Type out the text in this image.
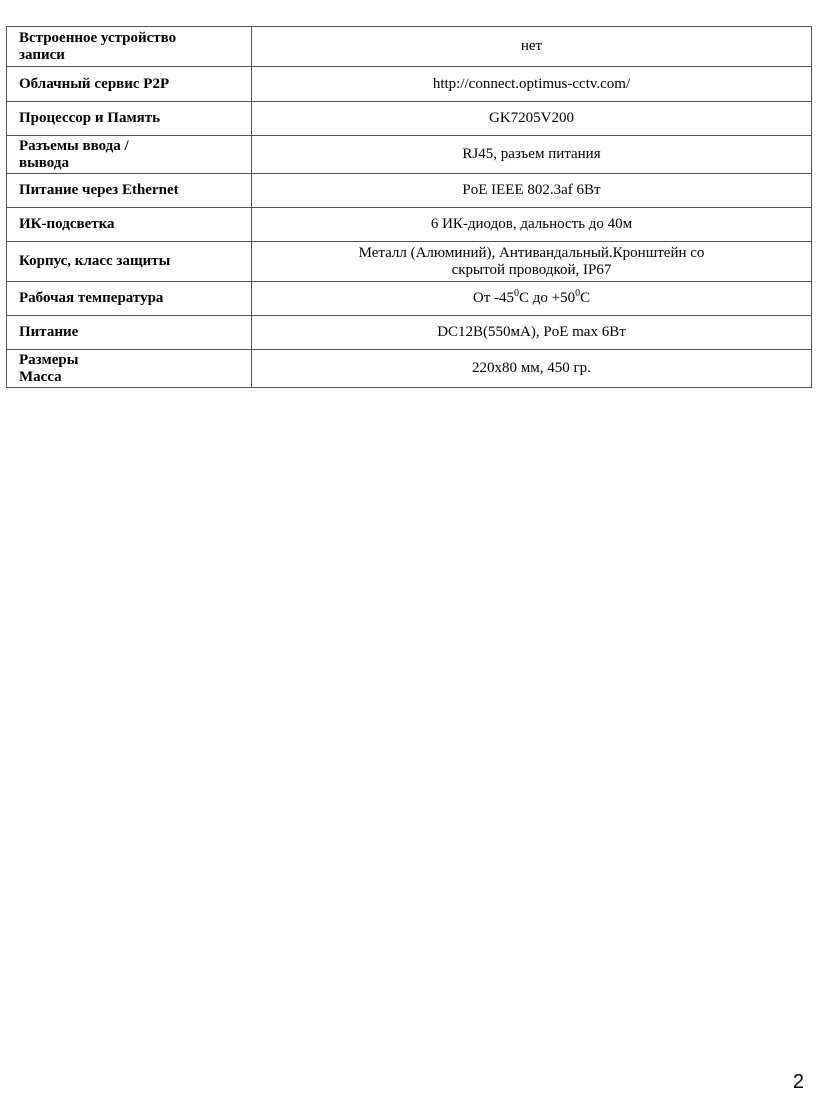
Встроенное устройство
записи	нет

Облачный сервис P2P	http://connect.optimus-cctv.com/

Процессор и Память	GK7205V200

Разъемы ввода /
вывода	RJ45, разъем питания

Питание через Ethernet	PoE IEEE 802.3af 6Вт

ИК-подсветка	6 ИК-диодов, дальность до 40м

Корпус, класс защиты	Металл (Алюминий), Антивандальный.Кронштейн со
скрытой проводкой, IP67

Рабочая температура	От $-45^0С$ до $+50^0С$

Питание	DC12В(550мА), PoE max 6Вт

Размеры
Масса	220х80 мм, 450 гр.
2
